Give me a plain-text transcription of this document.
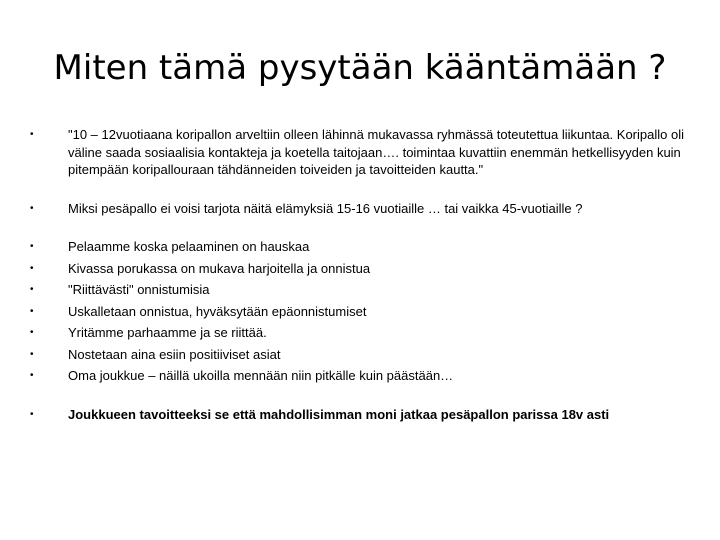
Miten tämä pysytään kääntämään ?
•	"10 – 12vuotiaana koripallon arveltiin olleen lähinnä mukavassa ryhmässä toteutettua liikuntaa. Koripallo oli väline saada sosiaalisia kontakteja ja koetella taitojaan…. toimintaa kuvattiin enemmän hetkellisyyden kuin pitempään koripallouraan tähdänneiden toiveiden ja tavoitteiden kautta."
•	Miksi pesäpallo ei voisi tarjota näitä elämyksiä 15-16 vuotiaille … tai vaikka 45-vuotiaille ?
•	Pelaamme koska pelaaminen on hauskaa
•	Kivassa porukassa on mukava harjoitella ja onnistua
•	"Riittävästi" onnistumisia
•	Uskalletaan onnistua, hyväksytään epäonnistumiset
•	Yritämme parhaamme ja se riittää.
•	Nostetaan aina esiin positiiviset asiat
•	Oma joukkue – näillä ukoilla mennään niin pitkälle kuin päästään…
•	Joukkueen tavoitteeksi se että mahdollisimman moni jatkaa pesäpallon parissa 18v asti
